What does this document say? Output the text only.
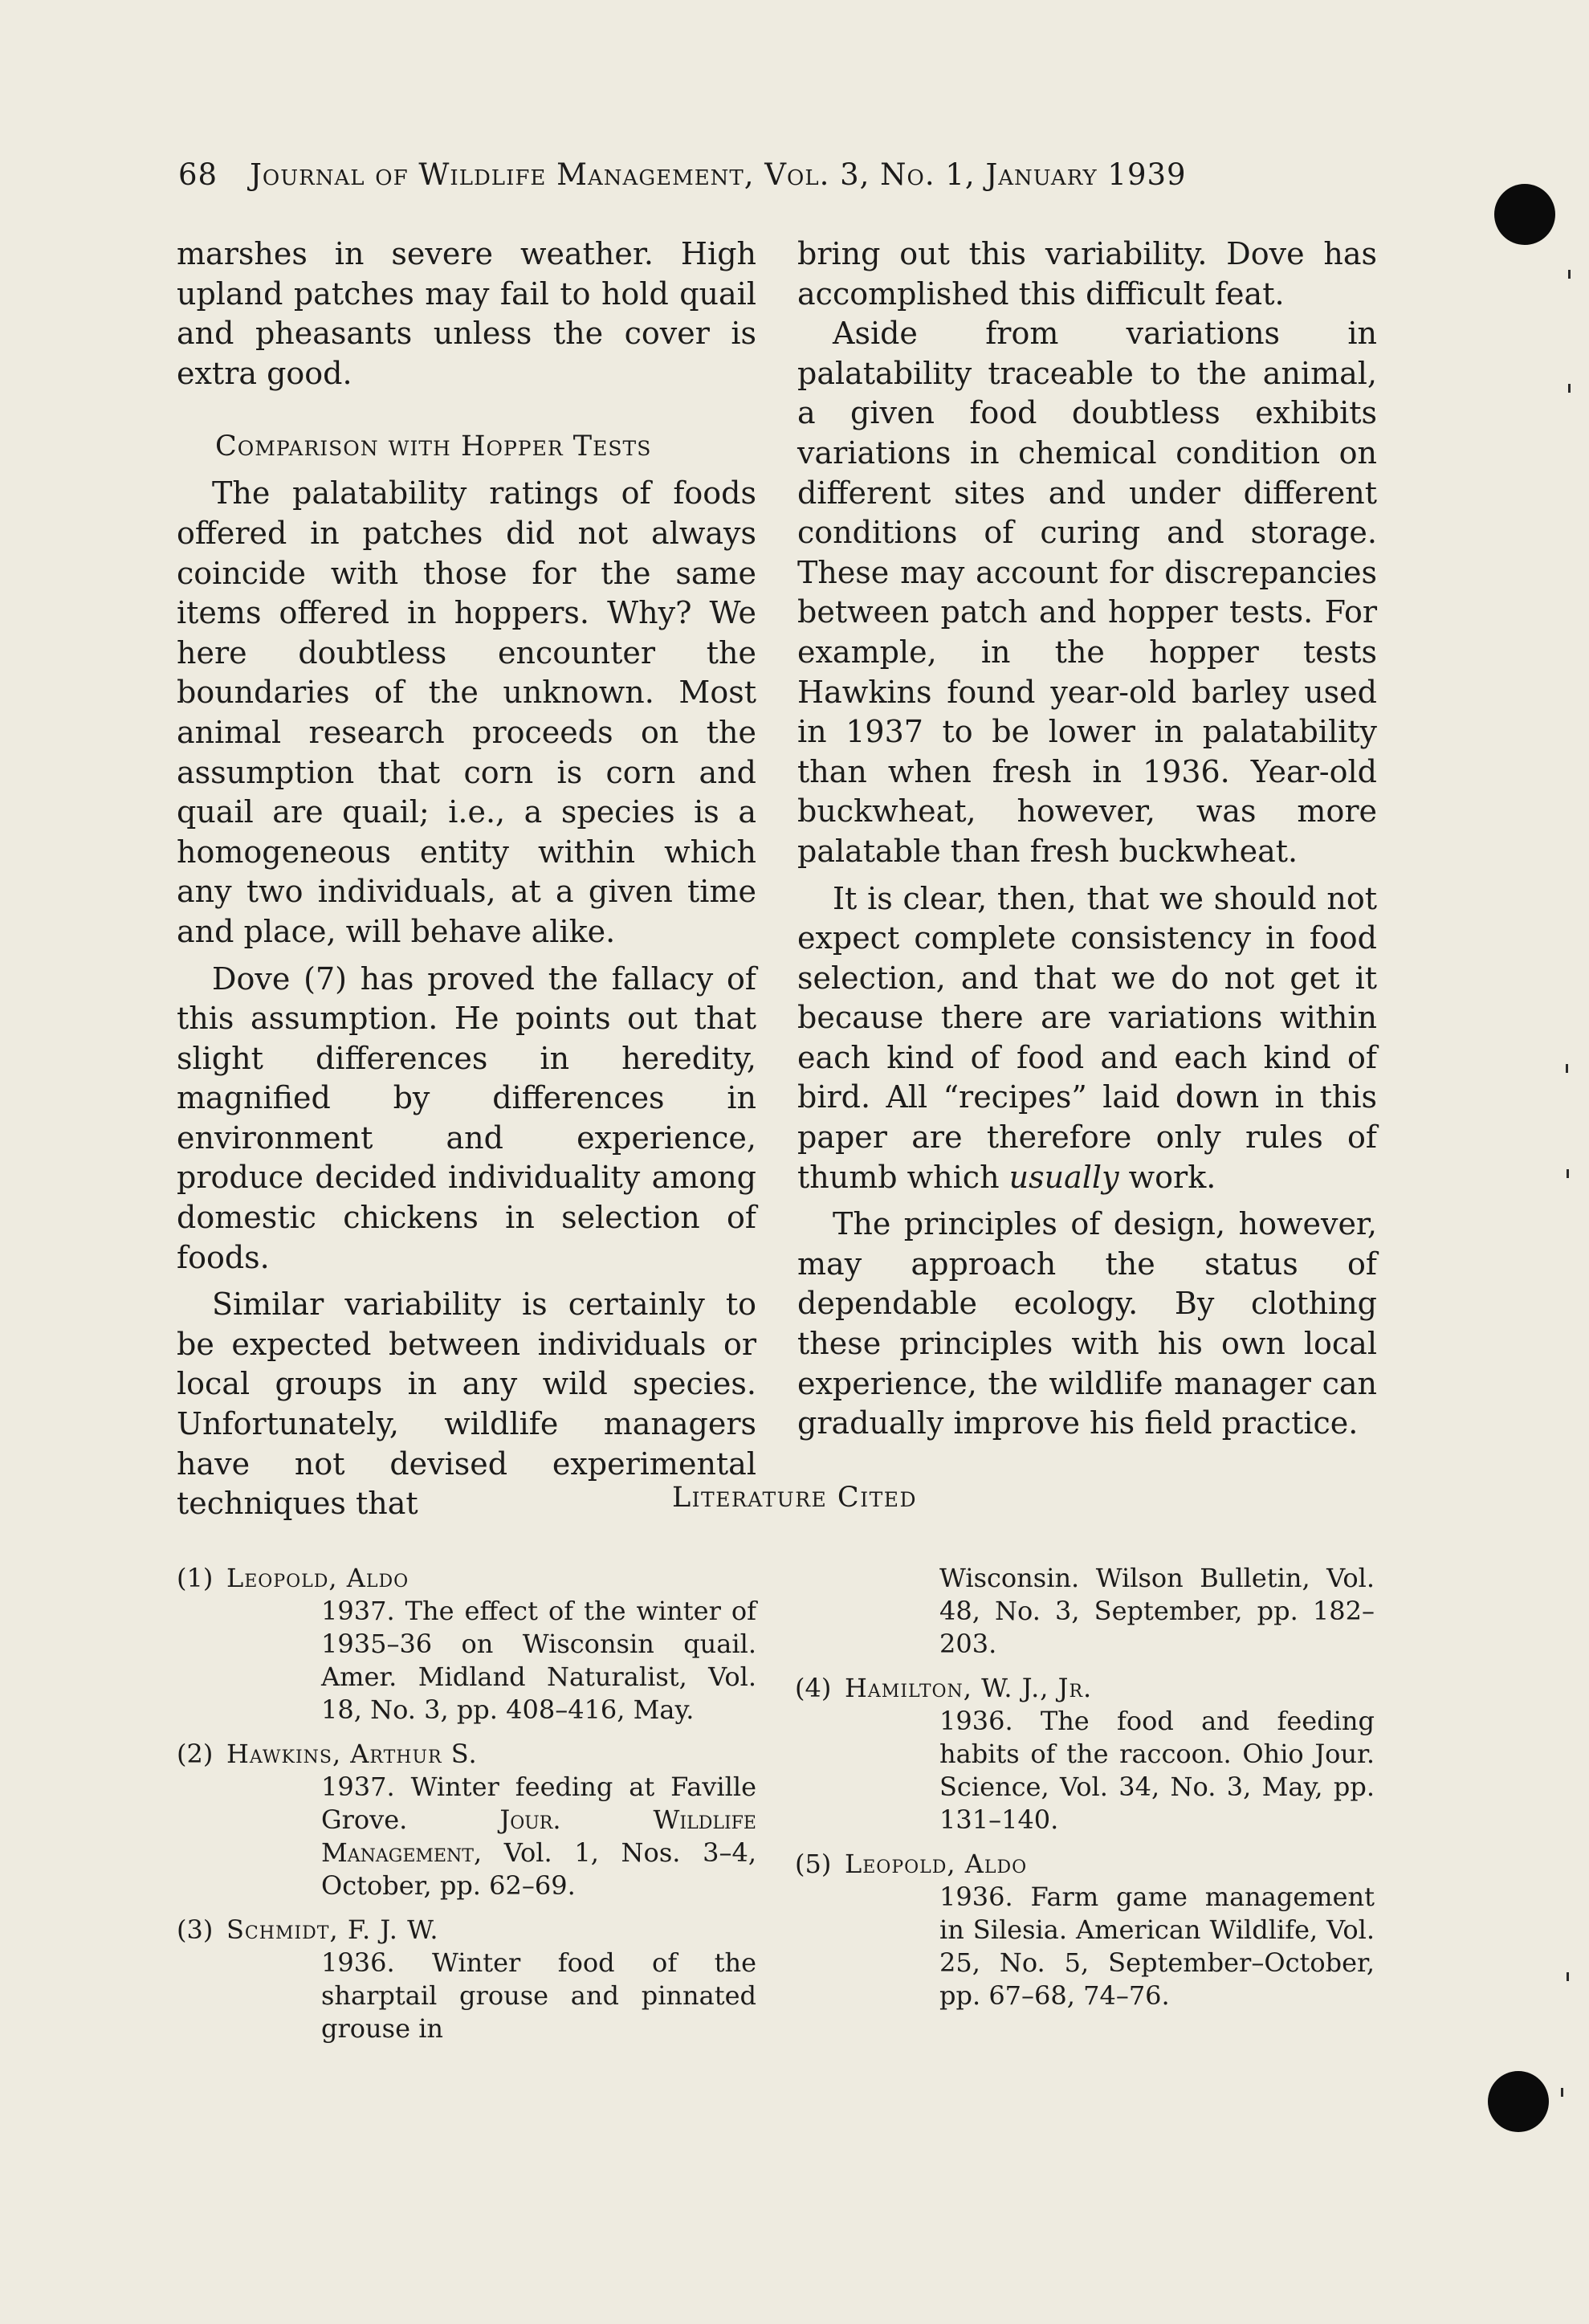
68 Journal of Wildlife Management, Vol. 3, No. 1, January 1939

marshes in severe weather. High upland patches may fail to hold quail and pheasants unless the cover is extra good.

Comparison with Hopper Tests

The palatability ratings of foods offered in patches did not always coincide with those for the same items offered in hoppers. Why? We here doubtless encounter the boundaries of the unknown. Most animal research proceeds on the assumption that corn is corn and quail are quail; i.e., a species is a homogeneous entity within which any two individuals, at a given time and place, will behave alike.

Dove (7) has proved the fallacy of this assumption. He points out that slight differences in heredity, magnified by differences in environment and experience, produce decided individuality among domestic chickens in selection of foods.

Similar variability is certainly to be expected between individuals or local groups in any wild species. Unfortunately, wildlife managers have not devised experimental techniques that

bring out this variability. Dove has accomplished this difficult feat.

Aside from variations in palatability traceable to the animal, a given food doubtless exhibits variations in chemical condition on different sites and under different conditions of curing and storage. These may account for discrepancies between patch and hopper tests. For example, in the hopper tests Hawkins found year-old barley used in 1937 to be lower in palatability than when fresh in 1936. Year-old buckwheat, however, was more palatable than fresh buckwheat.

It is clear, then, that we should not expect complete consistency in food selection, and that we do not get it because there are variations within each kind of food and each kind of bird. All “recipes” laid down in this paper are therefore only rules of thumb which usually work.

The principles of design, however, may approach the status of dependable ecology. By clothing these principles with his own local experience, the wildlife manager can gradually improve his field practice.

Literature Cited
(1) Leopold, Aldo
1937. The effect of the winter of 1935–36 on Wisconsin quail. Amer. Midland Naturalist, Vol. 18, No. 3, pp. 408–416, May.
(2) Hawkins, Arthur S.
1937. Winter feeding at Faville Grove. Jour. Wildlife Management, Vol. 1, Nos. 3–4, October, pp. 62–69.
(3) Schmidt, F. J. W.
1936. Winter food of the sharptail grouse and pinnated grouse in
Wisconsin. Wilson Bulletin, Vol. 48, No. 3, September, pp. 182–203.
(4) Hamilton, W. J., Jr.
1936. The food and feeding habits of the raccoon. Ohio Jour. Science, Vol. 34, No. 3, May, pp. 131–140.
(5) Leopold, Aldo
1936. Farm game management in Silesia. American Wildlife, Vol. 25, No. 5, September–October, pp. 67–68, 74–76.
